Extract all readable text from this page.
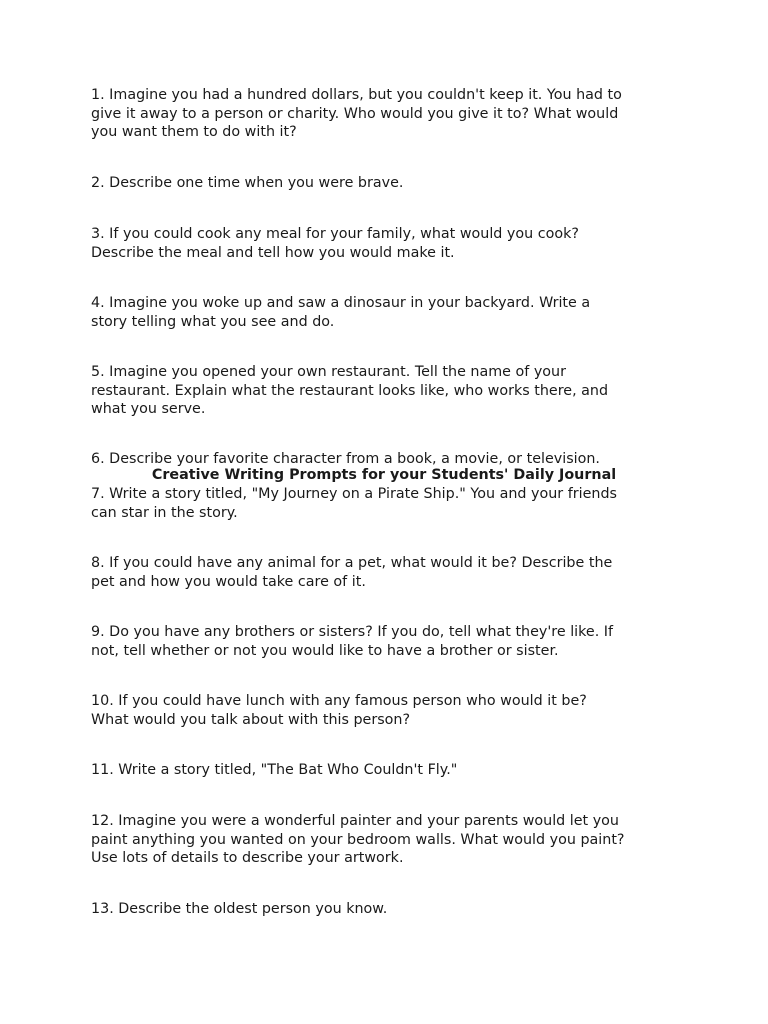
1. Imagine you had a hundred dollars, but you couldn't keep it. You had to
give it away to a person or charity. Who would you give it to? What would
you want them to do with it?

2. Describe one time when you were brave.

3. If you could cook any meal for your family, what would you cook?
Describe the meal and tell how you would make it.

4. Imagine you woke up and saw a dinosaur in your backyard. Write a
story telling what you see and do.

5. Imagine you opened your own restaurant. Tell the name of your
restaurant. Explain what the restaurant looks like, who works there, and
what you serve.

6. Describe your favorite character from a book, a movie, or television.

Creative Writing Prompts for your Students' Daily Journal

7. Write a story titled, "My Journey on a Pirate Ship." You and your friends
can star in the story.

8. If you could have any animal for a pet, what would it be? Describe the
pet and how you would take care of it.

9. Do you have any brothers or sisters? If you do, tell what they're like. If
not, tell whether or not you would like to have a brother or sister.

10. If you could have lunch with any famous person who would it be?
What would you talk about with this person?

11. Write a story titled, "The Bat Who Couldn't Fly."

12. Imagine you were a wonderful painter and your parents would let you
paint anything you wanted on your bedroom walls. What would you paint?
Use lots of details to describe your artwork.

13. Describe the oldest person you know.
